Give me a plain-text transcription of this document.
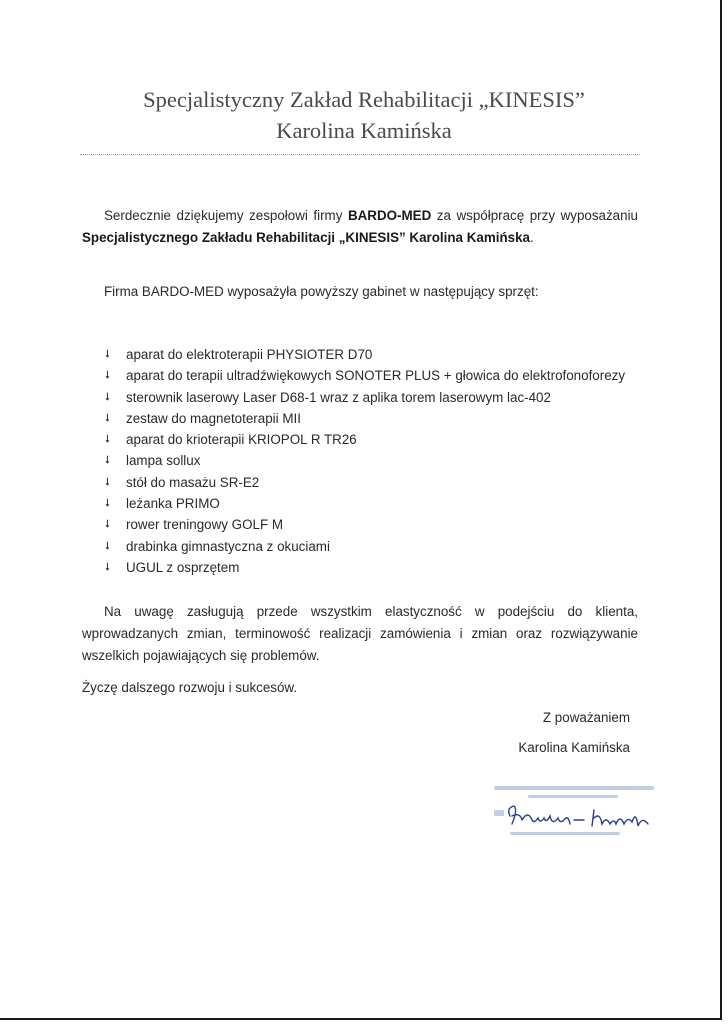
Specjalistyczny Zakład Rehabilitacji „KINESIS”
Karolina Kamińska
Serdecznie dziękujemy zespołowi firmy BARDO-MED za współpracę przy wyposażaniu Specjalistycznego Zakładu Rehabilitacji „KINESIS” Karolina Kamińska.
Firma BARDO-MED wyposażyła powyższy gabinet w następujący sprzęt:
⭣ aparat do elektroterapii PHYSIOTER D70
⭣ aparat do terapii ultradźwiękowych SONOTER PLUS + głowica do elektrofonoforezy
⭣ sterownik laserowy Laser D68-1 wraz z aplika torem laserowym lac-402
⭣ zestaw do magnetoterapii MII
⭣ aparat do krioterapii KRIOPOL R TR26
⭣ lampa sollux
⭣ stół do masażu SR-E2
⭣ leżanka PRIMO
⭣ rower treningowy GOLF M
⭣ drabinka gimnastyczna z okuciami
⭣ UGUL z osprzętem
Na uwagę zasługują przede wszystkim elastyczność w podejściu do klienta, wprowadzanych zmian, terminowość realizacji zamówienia i zmian oraz rozwiązywanie wszelkich pojawiających się problemów.
Życzę dalszego rozwoju i sukcesów.
Z poważaniem
Karolina Kamińska
